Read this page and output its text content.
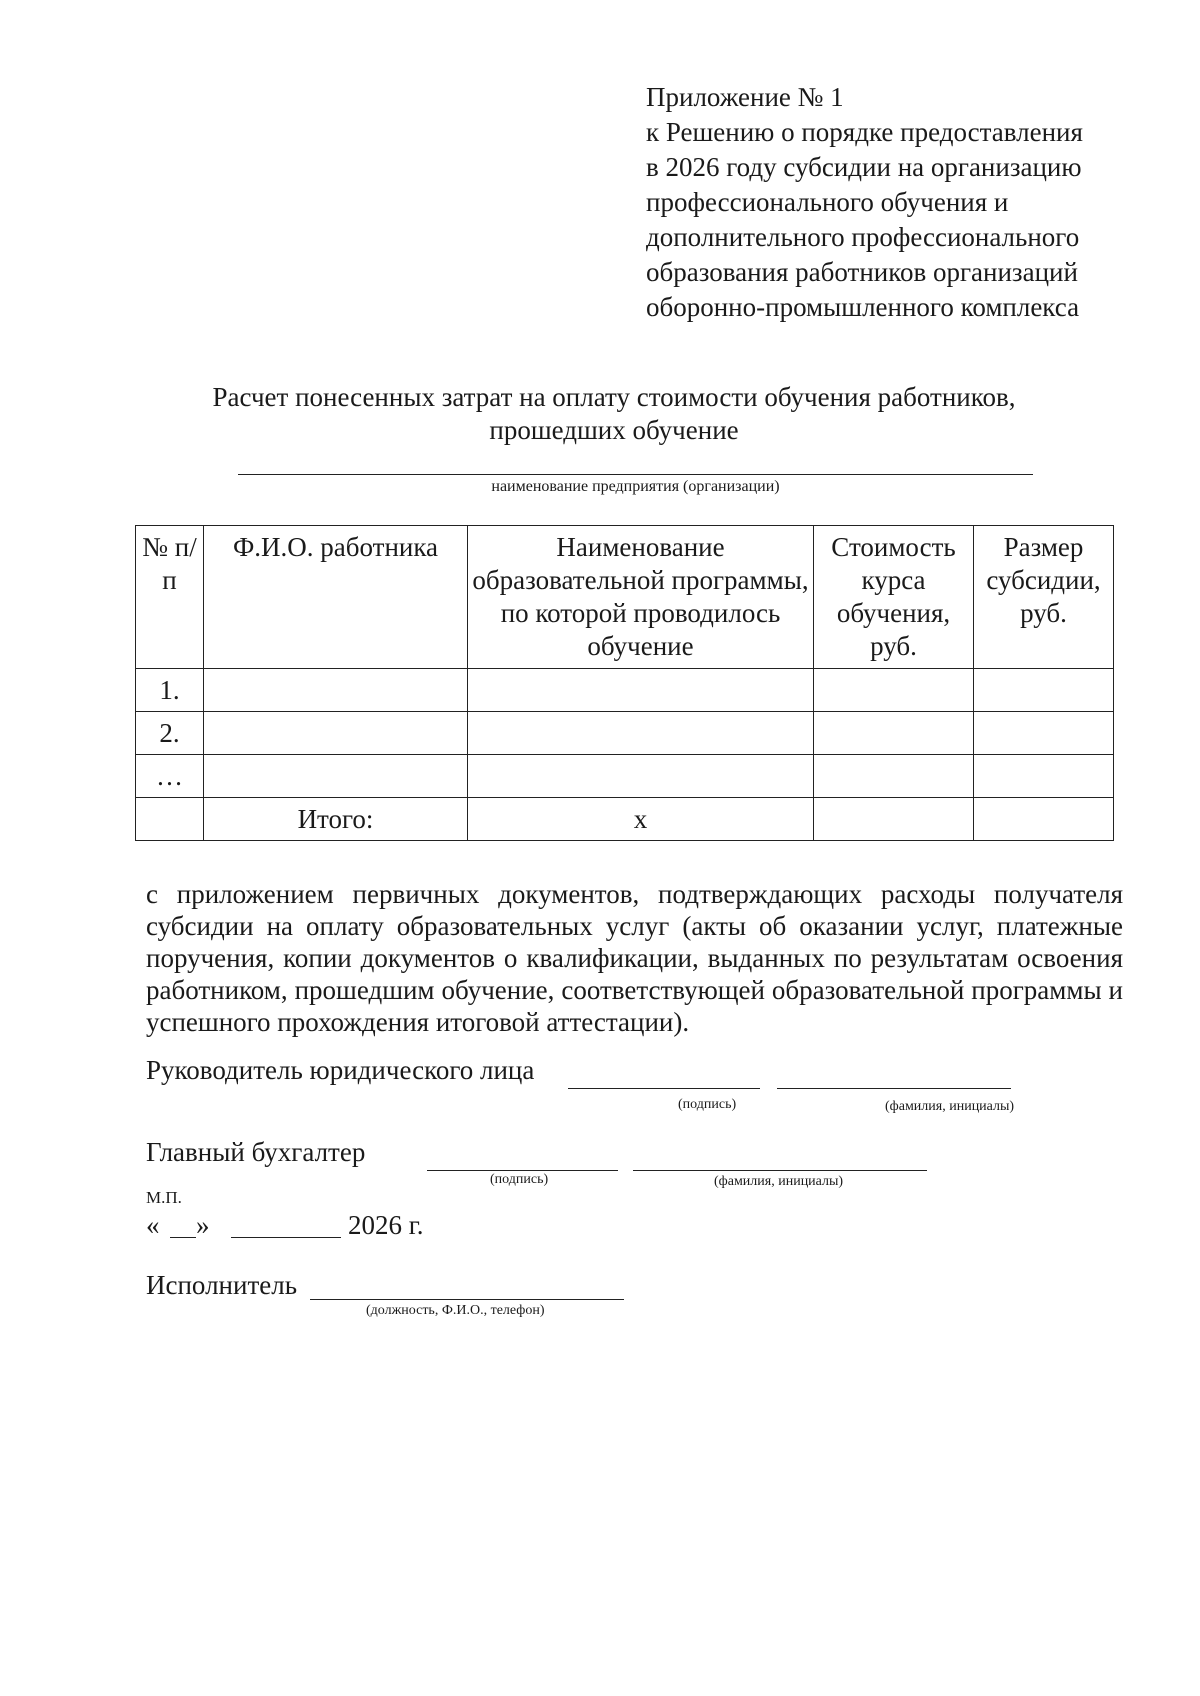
Приложение № 1
к Решению о порядке предоставления
в 2026 году субсидии на организацию
профессионального обучения и
дополнительного профессионального
образования работников организаций
оборонно-промышленного комплекса
Расчет понесенных затрат на оплату стоимости обучения работников,
прошедших обучение
наименование предприятия (организации)
№ п/п	Ф.И.О. работника	Наименование образовательной программы, по которой проводилось обучение	Стоимость курса обучения, руб.	Размер субсидии, руб.

1.				
2.				
…				
	Итого:	x		
с приложением первичных документов, подтверждающих расходы получателя субсидии на оплату образовательных услуг (акты об оказании услуг, платежные поручения, копии документов о квалификации, выданных по результатам освоения работником, прошедшим обучение, соответствующей образовательной программы и успешного прохождения итоговой аттестации).
Руководитель юридического лица
(подпись)	(фамилия, инициалы)
Главный бухгалтер
(подпись)	(фамилия, инициалы)
М.П.
« »	2026 г.
Исполнитель
(должность, Ф.И.О., телефон)
